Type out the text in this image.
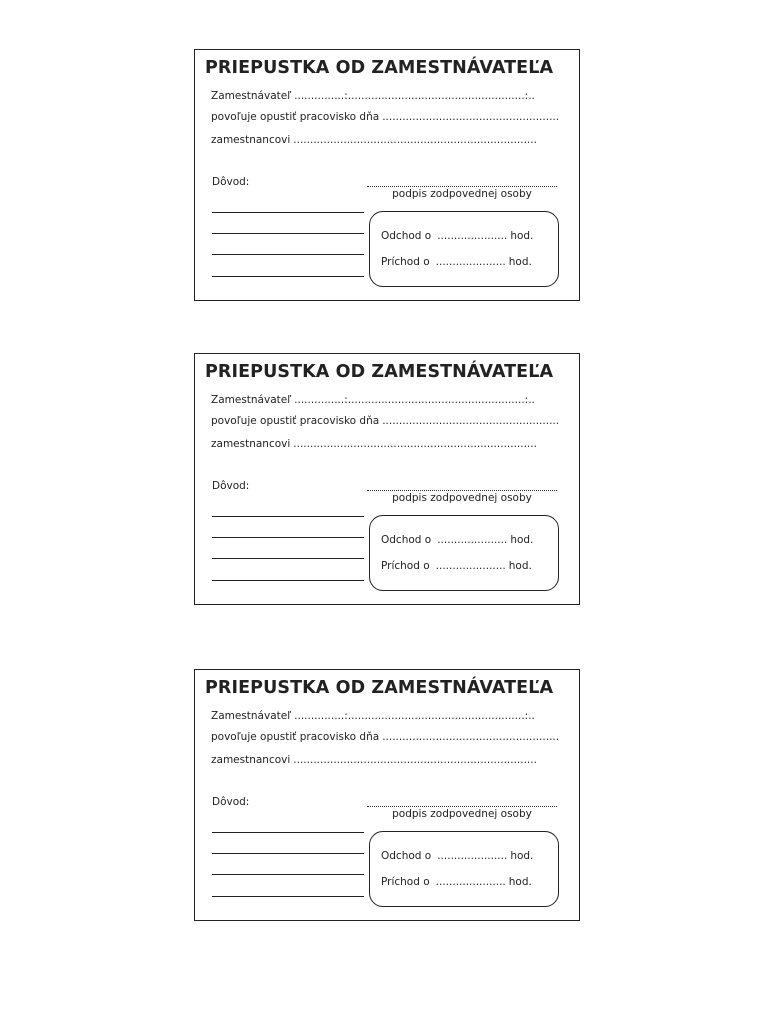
PRIEPUSTKA OD ZAMESTNÁVATEĽA
Zamestnávateľ ...............:.....................................................:..
povoľuje opustiť pracovisko dňa .....................................................
zamestnancovi .........................................................................
Dôvod:
podpis zodpovednej osoby
Odchod o ..................... hod.
Príchod o ..................... hod.
PRIEPUSTKA OD ZAMESTNÁVATEĽA
Zamestnávateľ ...............:.....................................................:..
povoľuje opustiť pracovisko dňa .....................................................
zamestnancovi .........................................................................
Dôvod:
podpis zodpovednej osoby
Odchod o ..................... hod.
Príchod o ..................... hod.
PRIEPUSTKA OD ZAMESTNÁVATEĽA
Zamestnávateľ ...............:.....................................................:..
povoľuje opustiť pracovisko dňa .....................................................
zamestnancovi .........................................................................
Dôvod:
podpis zodpovednej osoby
Odchod o ..................... hod.
Príchod o ..................... hod.
